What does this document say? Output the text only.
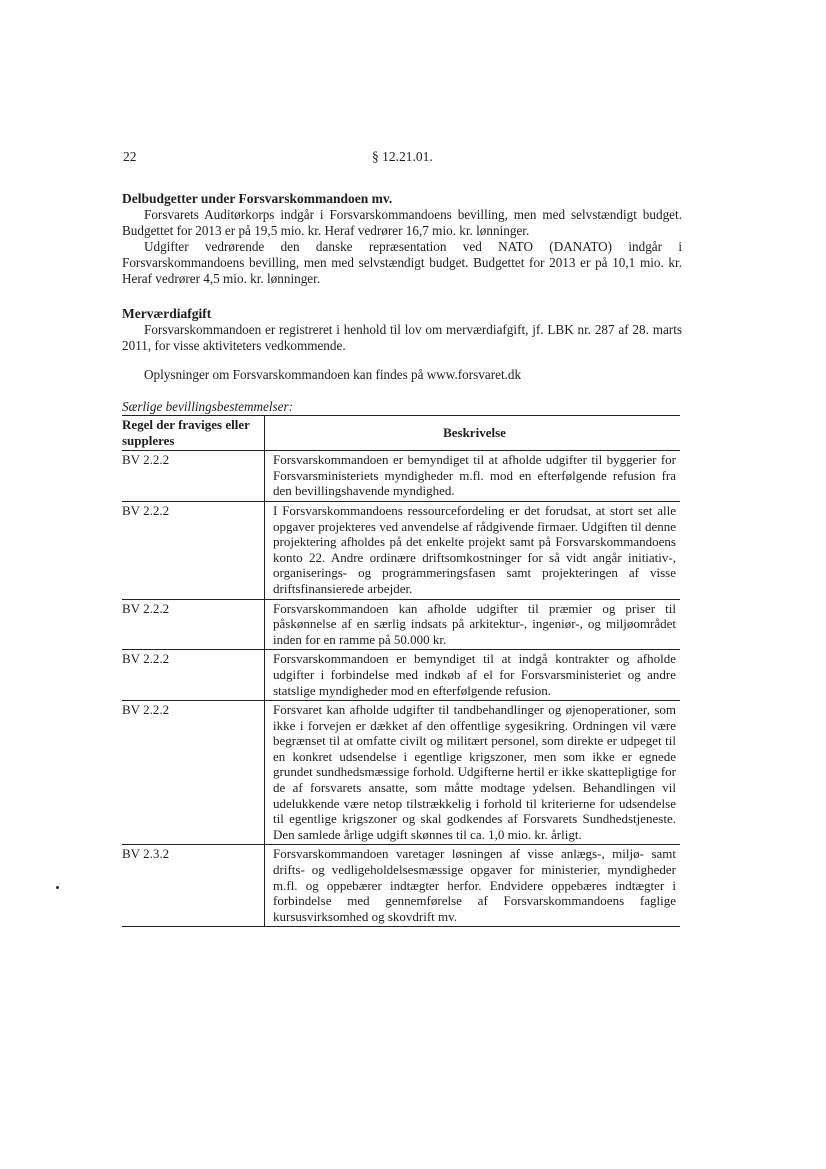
22	§ 12.21.01.
Delbudgetter under Forsvarskommandoen mv.

Forsvarets Auditørkorps indgår i Forsvarskommandoens bevilling, men med selvstændigt budget. Budgettet for 2013 er på 19,5 mio. kr. Heraf vedrører 16,7 mio. kr. lønninger.

Udgifter vedrørende den danske repræsentation ved NATO (DANATO) indgår i Forsvarskommandoens bevilling, men med selvstændigt budget. Budgettet for 2013 er på 10,1 mio. kr. Heraf vedrører 4,5 mio. kr. lønninger.

Merværdiafgift

Forsvarskommandoen er registreret i henhold til lov om merværdiafgift, jf. LBK nr. 287 af 28. marts 2011, for visse aktiviteters vedkommende.

Oplysninger om Forsvarskommandoen kan findes på www.forsvaret.dk

Særlige bevillingsbestemmelser:
Regel der fraviges eller suppleres	Beskrivelse
BV 2.2.2	Forsvarskommandoen er bemyndiget til at afholde udgifter til byggerier for Forsvarsministeriets myndigheder m.fl. mod en efterfølgende refusion fra den bevillingshavende myndighed.
BV 2.2.2	I Forsvarskommandoens ressourcefordeling er det forudsat, at stort set alle opgaver projekteres ved anvendelse af rådgivende firmaer. Udgiften til denne projektering afholdes på det enkelte projekt samt på Forsvarskommandoens konto 22. Andre ordinære driftsomkostninger for så vidt angår initiativ-, organiserings- og programmeringsfasen samt projekteringen af visse driftsfinansierede arbejder.
BV 2.2.2	Forsvarskommandoen kan afholde udgifter til præmier og priser til påskønnelse af en særlig indsats på arkitektur-, ingeniør-, og miljøområdet inden for en ramme på 50.000 kr.
BV 2.2.2	Forsvarskommandoen er bemyndiget til at indgå kontrakter og afholde udgifter i forbindelse med indkøb af el for Forsvarsministeriet og andre statslige myndigheder mod en efterfølgende refusion.
BV 2.2.2	Forsvaret kan afholde udgifter til tandbehandlinger og øjenoperationer, som ikke i forvejen er dækket af den offentlige sygesikring. Ordningen vil være begrænset til at omfatte civilt og militært personel, som direkte er udpeget til en konkret udsendelse i egentlige krigszoner, men som ikke er egnede grundet sundhedsmæssige forhold. Udgifterne hertil er ikke skattepligtige for de af forsvarets ansatte, som måtte modtage ydelsen. Behandlingen vil udelukkende være netop tilstrækkelig i forhold til kriterierne for udsendelse til egentlige krigszoner og skal godkendes af Forsvarets Sundhedstjeneste. Den samlede årlige udgift skønnes til ca. 1,0 mio. kr. årligt.
BV 2.3.2	Forsvarskommandoen varetager løsningen af visse anlægs-, miljø- samt drifts- og vedligeholdelsesmæssige opgaver for ministerier, myndigheder m.fl. og oppebærer indtægter herfor. Endvidere oppebæres indtægter i forbindelse med gennemførelse af Forsvarskommandoens faglige kursusvirksomhed og skovdrift mv.
